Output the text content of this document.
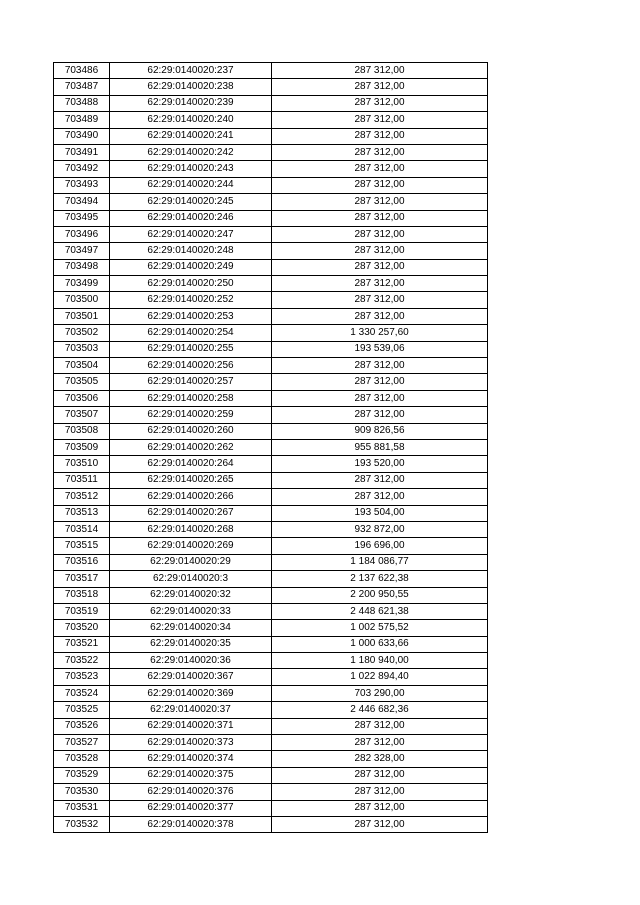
703486	62:29:0140020:237	287 312,00
703487	62:29:0140020:238	287 312,00
703488	62:29:0140020:239	287 312,00
703489	62:29:0140020:240	287 312,00
703490	62:29:0140020:241	287 312,00
703491	62:29:0140020:242	287 312,00
703492	62:29:0140020:243	287 312,00
703493	62:29:0140020:244	287 312,00
703494	62:29:0140020:245	287 312,00
703495	62:29:0140020:246	287 312,00
703496	62:29:0140020:247	287 312,00
703497	62:29:0140020:248	287 312,00
703498	62:29:0140020:249	287 312,00
703499	62:29:0140020:250	287 312,00
703500	62:29:0140020:252	287 312,00
703501	62:29:0140020:253	287 312,00
703502	62:29:0140020:254	1 330 257,60
703503	62:29:0140020:255	193 539,06
703504	62:29:0140020:256	287 312,00
703505	62:29:0140020:257	287 312,00
703506	62:29:0140020:258	287 312,00
703507	62:29:0140020:259	287 312,00
703508	62:29:0140020:260	909 826,56
703509	62:29:0140020:262	955 881,58
703510	62:29:0140020:264	193 520,00
703511	62:29:0140020:265	287 312,00
703512	62:29:0140020:266	287 312,00
703513	62:29:0140020:267	193 504,00
703514	62:29:0140020:268	932 872,00
703515	62:29:0140020:269	196 696,00
703516	62:29:0140020:29	1 184 086,77
703517	62:29:0140020:3	2 137 622,38
703518	62:29:0140020:32	2 200 950,55
703519	62:29:0140020:33	2 448 621,38
703520	62:29:0140020:34	1 002 575,52
703521	62:29:0140020:35	1 000 633,66
703522	62:29:0140020:36	1 180 940,00
703523	62:29:0140020:367	1 022 894,40
703524	62:29:0140020:369	703 290,00
703525	62:29:0140020:37	2 446 682,36
703526	62:29:0140020:371	287 312,00
703527	62:29:0140020:373	287 312,00
703528	62:29:0140020:374	282 328,00
703529	62:29:0140020:375	287 312,00
703530	62:29:0140020:376	287 312,00
703531	62:29:0140020:377	287 312,00
703532	62:29:0140020:378	287 312,00
